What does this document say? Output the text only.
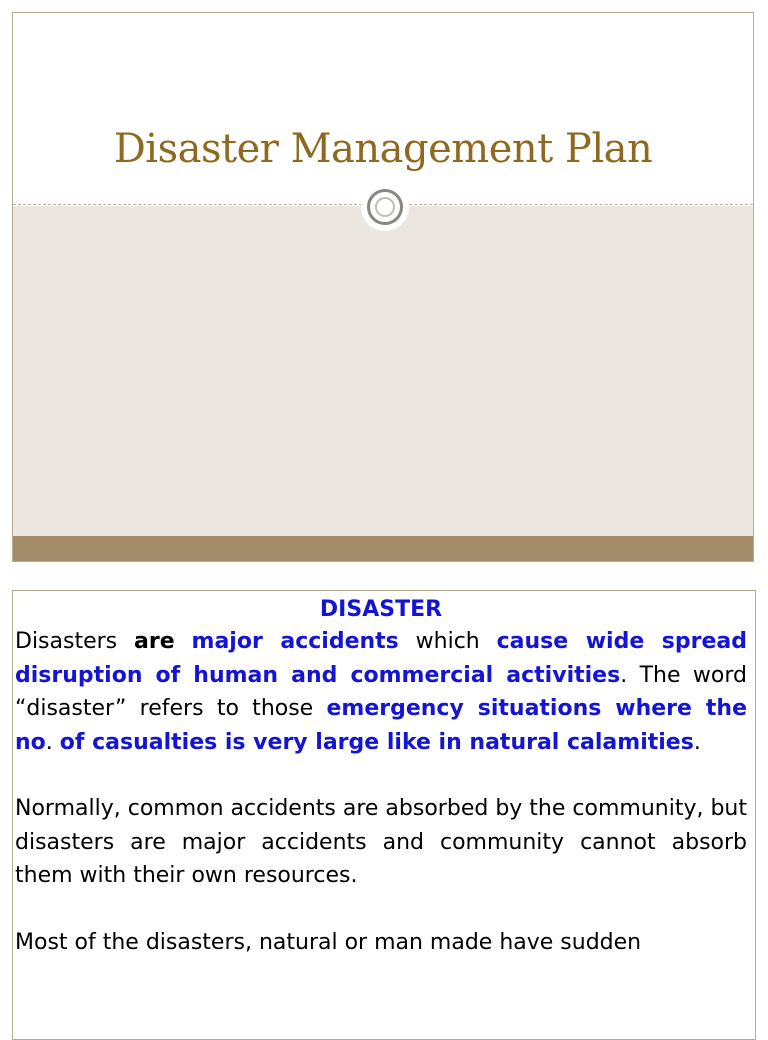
Disaster Management Plan
DISASTER

Disasters are major accidents which cause wide spread disruption of human and commercial activities. The word “disaster” refers to those emergency situations where the no. of casualties is very large like in natural calamities.

Normally, common accidents are absorbed by the community, but disasters are major accidents and community cannot absorb them with their own resources.

Most of the disasters, natural or man made have sudden
